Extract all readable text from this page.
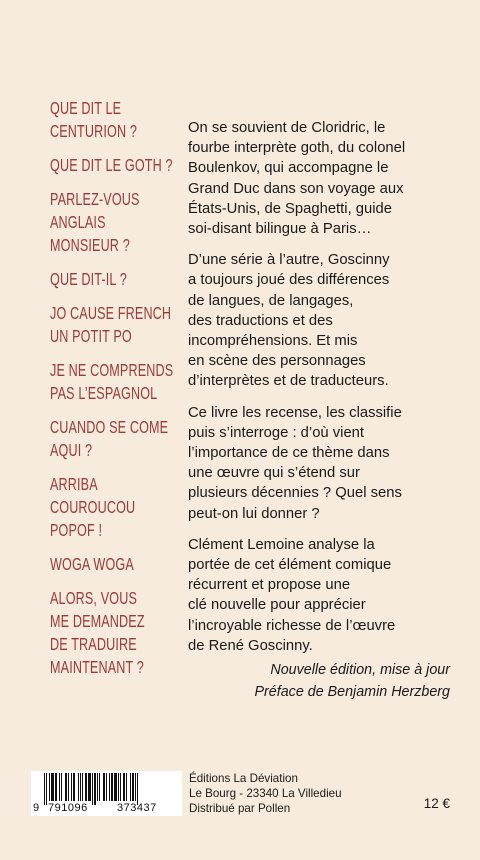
QUE DIT LE
CENTURION ?
QUE DIT LE GOTH ?
PARLEZ-VOUS
ANGLAIS
MONSIEUR ?
QUE DIT-IL ?
JO CAUSE FRENCH
UN POTIT PO
JE NE COMPRENDS
PAS L’ESPAGNOL
CUANDO SE COME
AQUI ?
ARRIBA
COUROUCOU
POPOF !
WOGA WOGA
ALORS, VOUS
ME DEMANDEZ
DE TRADUIRE
MAINTENANT ?

On se souvient de Cloridric, le
fourbe interprète goth, du colonel
Boulenkov, qui accompagne le
Grand Duc dans son voyage aux
États-Unis, de Spaghetti, guide
soi-disant bilingue à Paris…

D’une série à l’autre, Goscinny
a toujours joué des différences
de langues, de langages,
des traductions et des
incompréhensions. Et mis
en scène des personnages
d’interprètes et de traducteurs.

Ce livre les recense, les classifie
puis s’interroge : d’où vient
l’importance de ce thème dans
une œuvre qui s’étend sur
plusieurs décennies ? Quel sens
peut-on lui donner ?

Clément Lemoine analyse la
portée de cet élément comique
récurrent et propose une
clé nouvelle pour apprécier
l’incroyable richesse de l’œuvre
de René Goscinny.

Nouvelle édition, mise à jour
Préface de Benjamin Herzberg
9 791096	373437
Éditions La Déviation
Le Bourg - 23340 La Villedieu
Distribué par Pollen	12 €
